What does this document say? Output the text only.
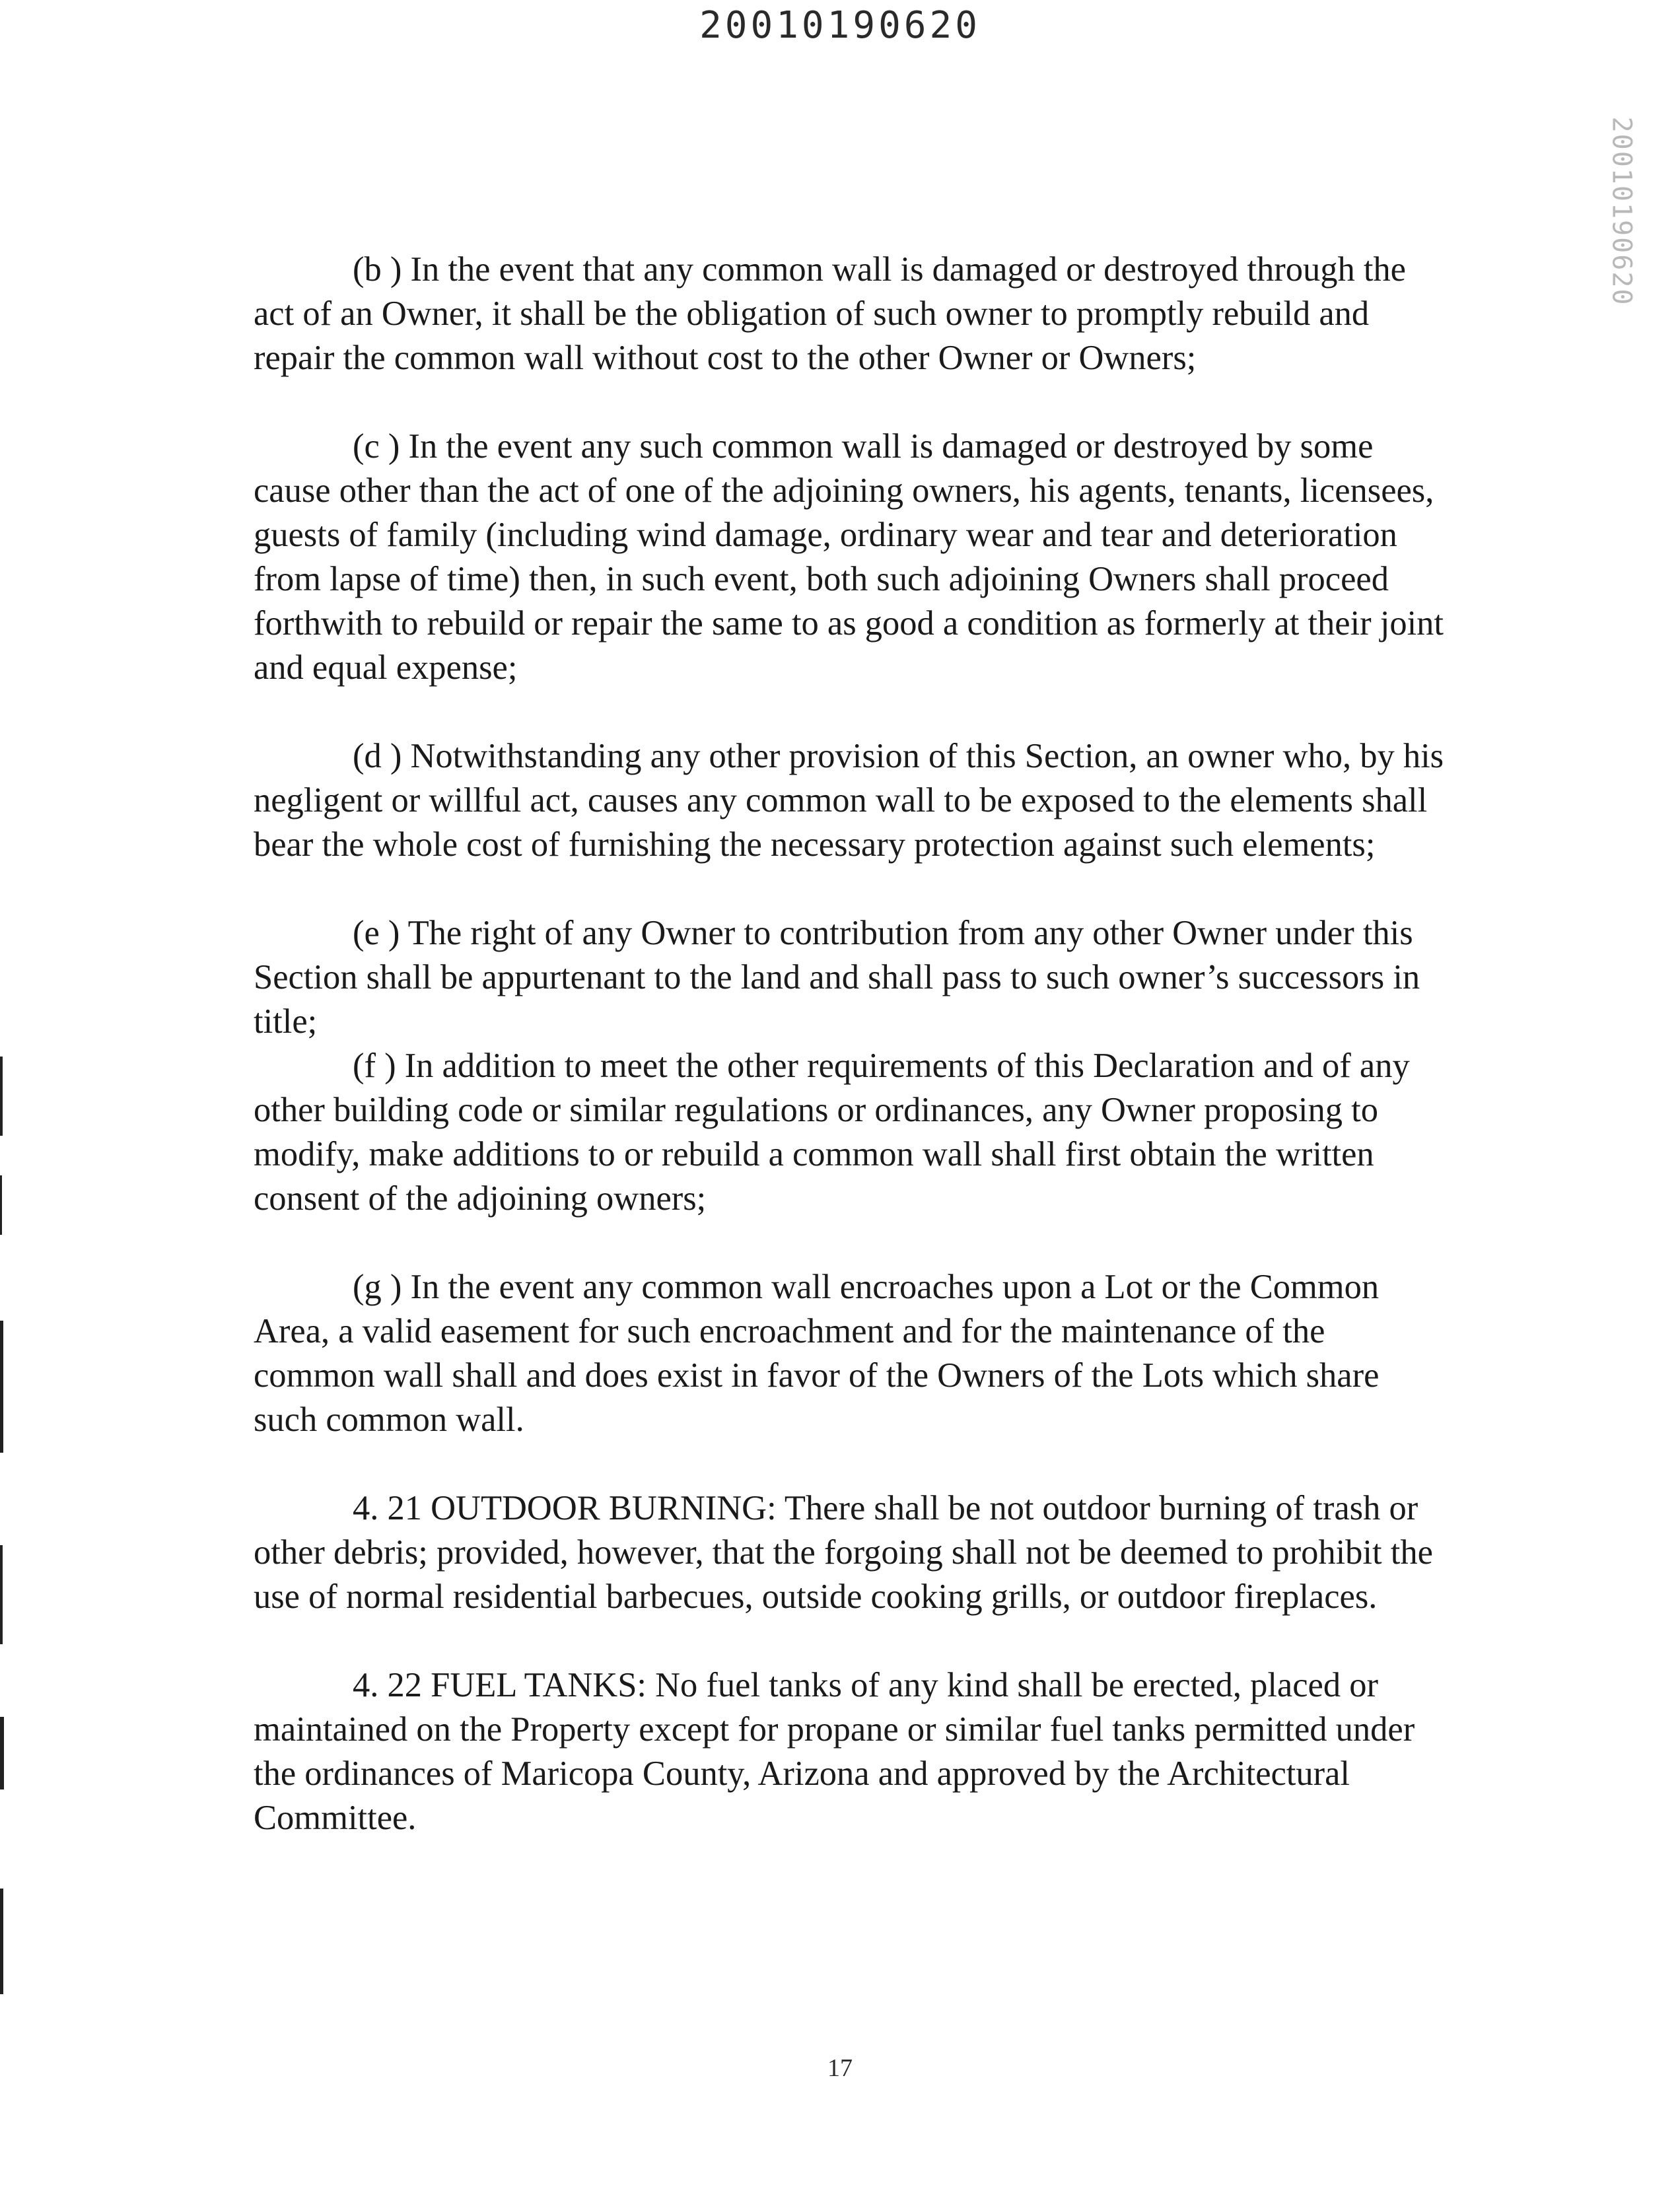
20010190620
20010190620

(b ) In the event that any common wall is damaged or destroyed through the act of an Owner, it shall be the obligation of such owner to promptly rebuild and repair the common wall without cost to the other Owner or Owners;

(c ) In the event any such common wall is damaged or destroyed by some cause other than the act of one of the adjoining owners, his agents, tenants, licensees, guests of family (including wind damage, ordinary wear and tear and deterioration from lapse of time) then, in such event, both such adjoining Owners shall proceed forthwith to rebuild or repair the same to as good a condition as formerly at their joint and equal expense;

(d ) Notwithstanding any other provision of this Section, an owner who, by his negligent or willful act, causes any common wall to be exposed to the elements shall bear the whole cost of furnishing the necessary protection against such elements;

(e ) The right of any Owner to contribution from any other Owner under this Section shall be appurtenant to the land and shall pass to such owner’s successors in title;

(f ) In addition to meet the other requirements of this Declaration and of any other building code or similar regulations or ordinances, any Owner proposing to modify, make additions to or rebuild a common wall shall first obtain the written consent of the adjoining owners;

(g ) In the event any common wall encroaches upon a Lot or the Common Area, a valid easement for such encroachment and for the maintenance of the common wall shall and does exist in favor of the Owners of the Lots which share such common wall.

4. 21 OUTDOOR BURNING: There shall be not outdoor burning of trash or other debris; provided, however, that the forgoing shall not be deemed to prohibit the use of normal residential barbecues, outside cooking grills, or outdoor fireplaces.

4. 22 FUEL TANKS: No fuel tanks of any kind shall be erected, placed or maintained on the Property except for propane or similar fuel tanks permitted under the ordinances of Maricopa County, Arizona and approved by the Architectural Committee.

17
